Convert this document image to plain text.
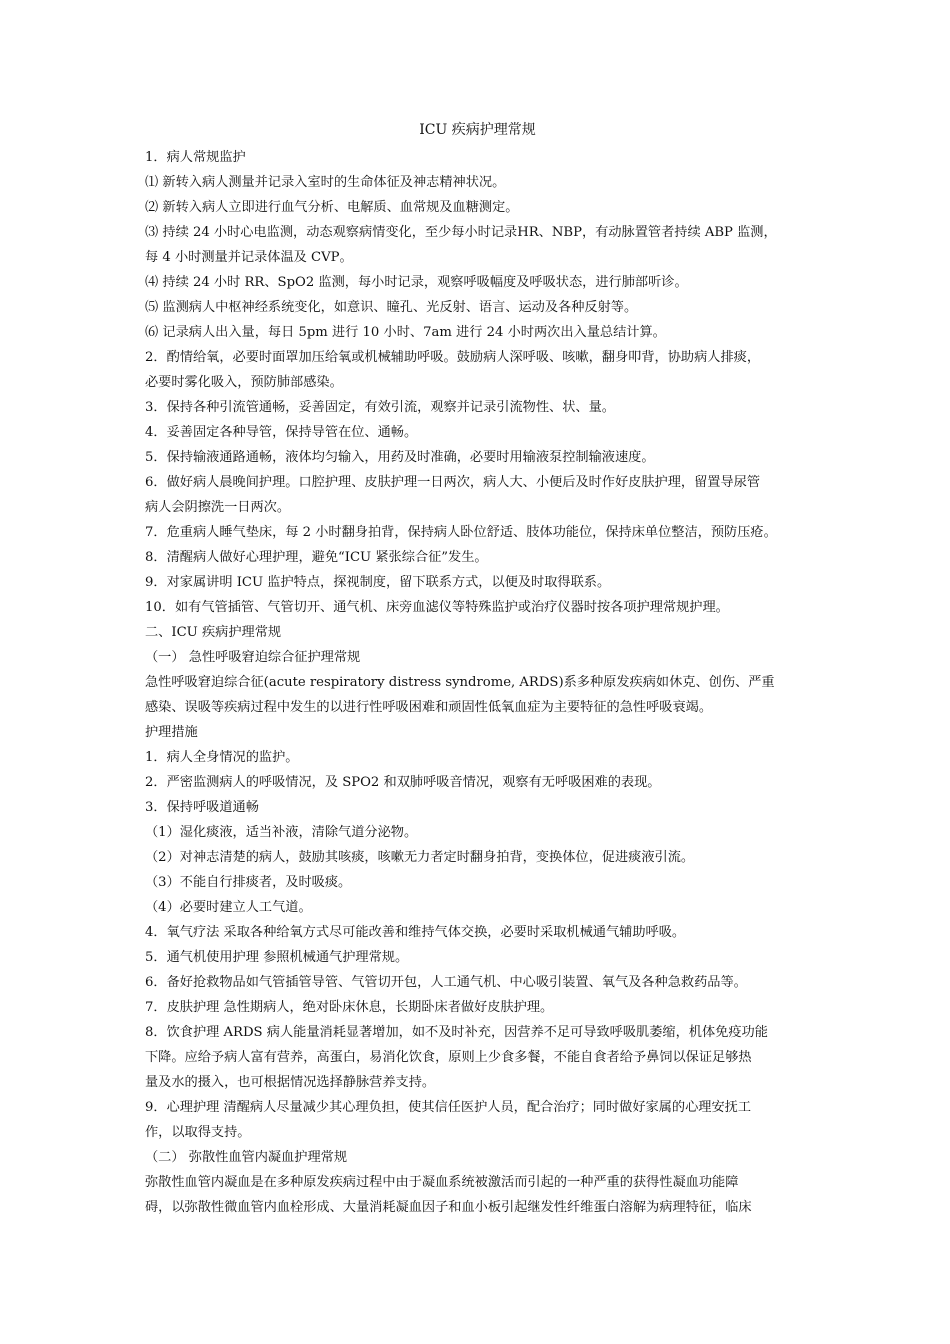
ICU 疾病护理常规

1．病人常规监护

⑴ 新转入病人测量并记录入室时的生命体征及神志精神状况。

⑵ 新转入病人立即进行血气分析、电解质、血常规及血糖测定。

⑶ 持续 24 小时心电监测，动态观察病情变化，至少每小时记录HR、NBP，有动脉置管者持续 ABP 监测，

每 4 小时测量并记录体温及 CVP。

⑷ 持续 24 小时 RR、SpO2 监测，每小时记录，观察呼吸幅度及呼吸状态，进行肺部听诊。

⑸ 监测病人中枢神经系统变化，如意识、瞳孔、光反射、语言、运动及各种反射等。

⑹ 记录病人出入量，每日 5pm 进行 10 小时、7am 进行 24 小时两次出入量总结计算。

2．酌情给氧，必要时面罩加压给氧或机械辅助呼吸。鼓励病人深呼吸、咳嗽，翻身叩背，协助病人排痰，

必要时雾化吸入，预防肺部感染。

3．保持各种引流管通畅，妥善固定，有效引流，观察并记录引流物性、状、量。

4．妥善固定各种导管，保持导管在位、通畅。

5．保持输液通路通畅，液体均匀输入，用药及时准确，必要时用输液泵控制输液速度。

6．做好病人晨晚间护理。口腔护理、皮肤护理一日两次，病人大、小便后及时作好皮肤护理，留置导尿管

病人会阴擦洗一日两次。

7．危重病人睡气垫床，每 2 小时翻身拍背，保持病人卧位舒适、肢体功能位，保持床单位整洁，预防压疮。

8．清醒病人做好心理护理，避免“ICU 紧张综合征”发生。

9．对家属讲明 ICU 监护特点，探视制度，留下联系方式，以便及时取得联系。

10．如有气管插管、气管切开、通气机、床旁血滤仪等特殊监护或治疗仪器时按各项护理常规护理。

二、ICU 疾病护理常规

（一） 急性呼吸窘迫综合征护理常规

急性呼吸窘迫综合征(acute respiratory distress syndrome, ARDS)系多种原发疾病如休克、创伤、严重

感染、误吸等疾病过程中发生的以进行性呼吸困难和顽固性低氧血症为主要特征的急性呼吸衰竭。

护理措施

1．病人全身情况的监护。

2．严密监测病人的呼吸情况，及 SPO2 和双肺呼吸音情况，观察有无呼吸困难的表现。

3．保持呼吸道通畅

（1）湿化痰液，适当补液，清除气道分泌物。

（2）对神志清楚的病人，鼓励其咳痰，咳嗽无力者定时翻身拍背，变换体位，促进痰液引流。

（3）不能自行排痰者，及时吸痰。

（4）必要时建立人工气道。

4．氧气疗法 采取各种给氧方式尽可能改善和维持气体交换，必要时采取机械通气辅助呼吸。

5．通气机使用护理 参照机械通气护理常规。

6．备好抢救物品如气管插管导管、气管切开包，人工通气机、中心吸引装置、氧气及各种急救药品等。

7．皮肤护理 急性期病人，绝对卧床休息，长期卧床者做好皮肤护理。

8．饮食护理 ARDS 病人能量消耗显著增加，如不及时补充，因营养不足可导致呼吸肌萎缩，机体免疫功能

下降。应给予病人富有营养，高蛋白，易消化饮食，原则上少食多餐，不能自食者给予鼻饲以保证足够热

量及水的摄入，也可根据情况选择静脉营养支持。

9．心理护理 清醒病人尽量减少其心理负担，使其信任医护人员，配合治疗；同时做好家属的心理安抚工

作，以取得支持。

（二） 弥散性血管内凝血护理常规

弥散性血管内凝血是在多种原发疾病过程中由于凝血系统被激活而引起的一种严重的获得性凝血功能障

碍，以弥散性微血管内血栓形成、大量消耗凝血因子和血小板引起继发性纤维蛋白溶解为病理特征，临床
